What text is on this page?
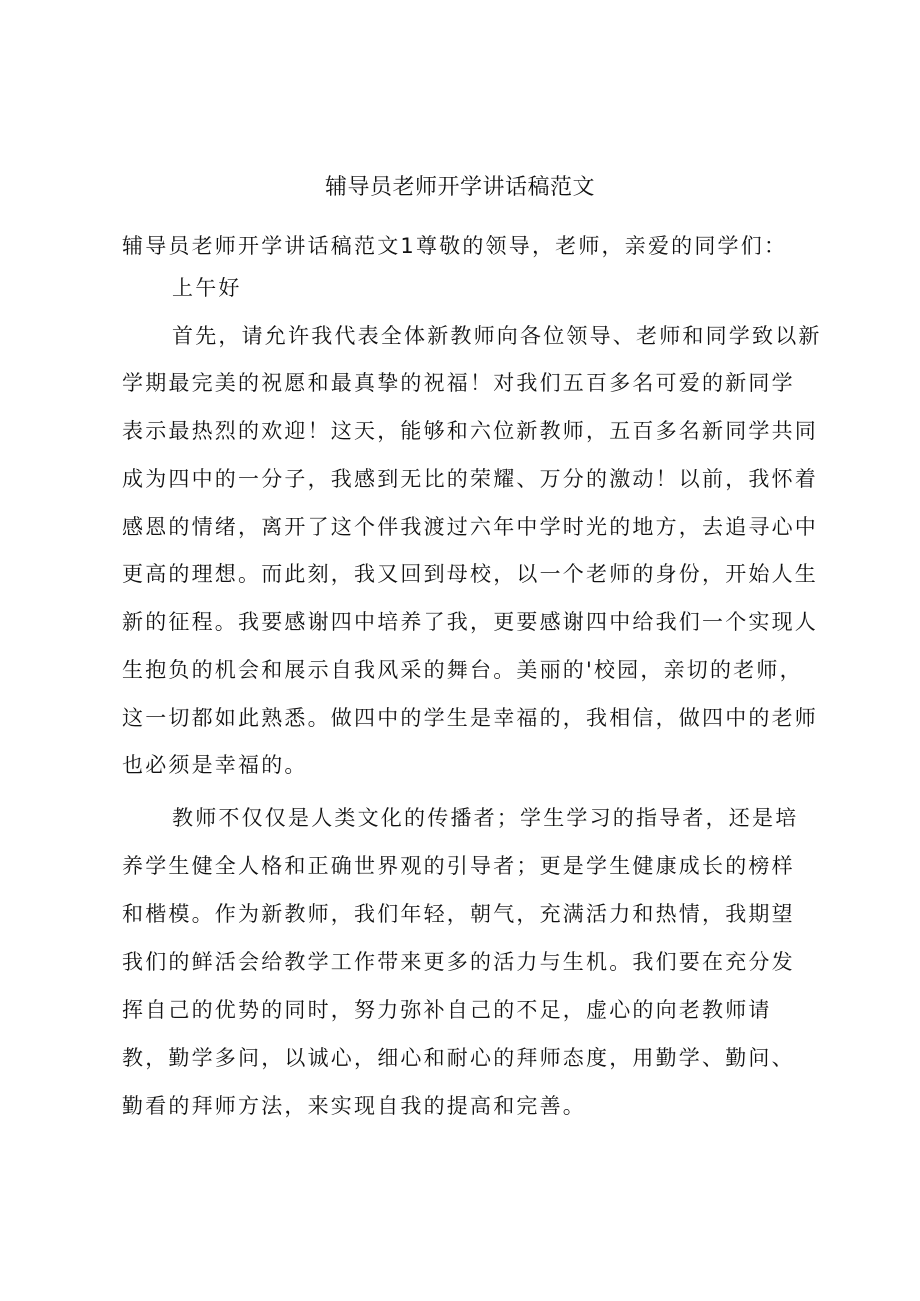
辅导员老师开学讲话稿范文
辅导员老师开学讲话稿范文1尊敬的领导，老师，亲爱的同学们：
上午好
首先，请允许我代表全体新教师向各位领导、老师和同学致以新
学期最完美的祝愿和最真挚的祝福！对我们五百多名可爱的新同学
表示最热烈的欢迎！这天，能够和六位新教师，五百多名新同学共同
成为四中的一分子，我感到无比的荣耀、万分的激动！以前，我怀着
感恩的情绪，离开了这个伴我渡过六年中学时光的地方，去追寻心中
更高的理想。而此刻，我又回到母校，以一个老师的身份，开始人生
新的征程。我要感谢四中培养了我，更要感谢四中给我们一个实现人
生抱负的机会和展示自我风采的舞台。美丽的'校园，亲切的老师，
这一切都如此熟悉。做四中的学生是幸福的，我相信，做四中的老师
也必须是幸福的。
教师不仅仅是人类文化的传播者；学生学习的指导者，还是培
养学生健全人格和正确世界观的引导者；更是学生健康成长的榜样
和楷模。作为新教师，我们年轻，朝气，充满活力和热情，我期望
我们的鲜活会给教学工作带来更多的活力与生机。我们要在充分发
挥自己的优势的同时，努力弥补自己的不足，虚心的向老教师请
教，勤学多问，以诚心，细心和耐心的拜师态度，用勤学、勤问、
勤看的拜师方法，来实现自我的提高和完善。
